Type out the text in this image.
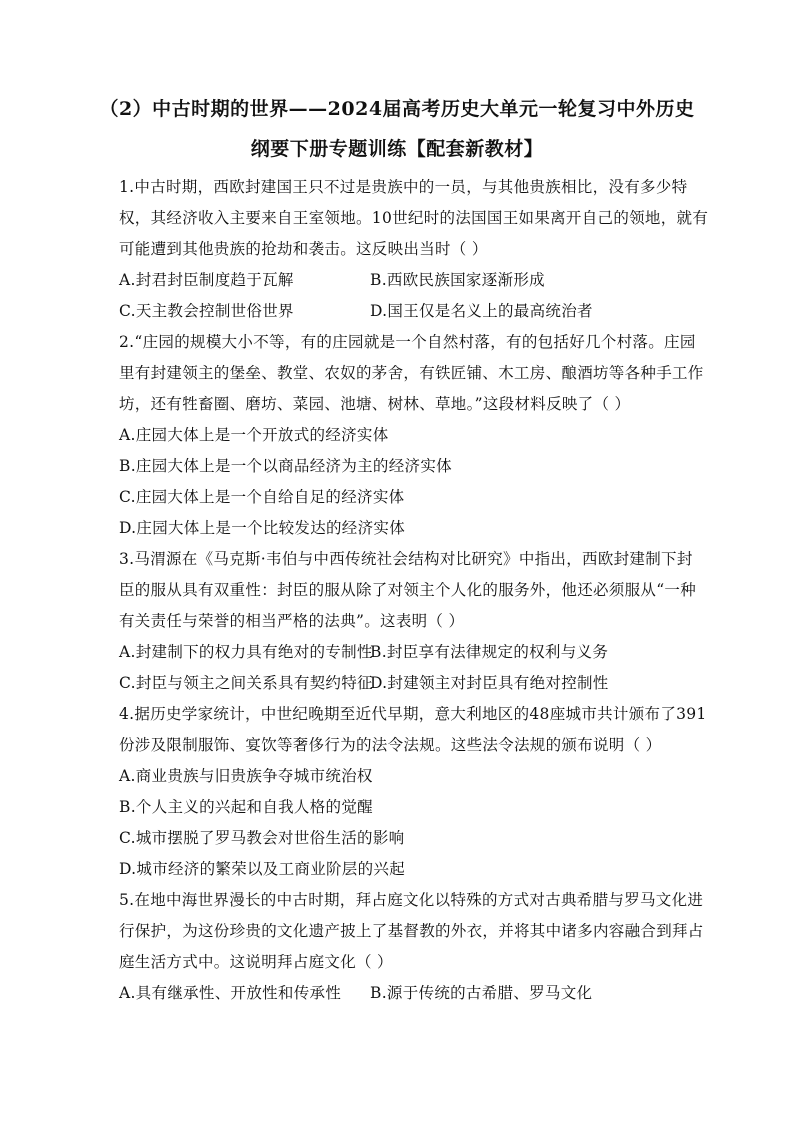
（2）中古时期的世界——2024届高考历史大单元一轮复习中外历史
纲要下册专题训练【配套新教材】
1.中古时期，西欧封建国王只不过是贵族中的一员，与其他贵族相比，没有多少特
权，其经济收入主要来自王室领地。10世纪时的法国国王如果离开自己的领地，就有
可能遭到其他贵族的抢劫和袭击。这反映出当时（ ）
A.封君封臣制度趋于瓦解	B.西欧民族国家逐渐形成
C.天主教会控制世俗世界	D.国王仅是名义上的最高统治者
2.“庄园的规模大小不等，有的庄园就是一个自然村落，有的包括好几个村落。庄园
里有封建领主的堡垒、教堂、农奴的茅舍，有铁匠铺、木工房、酿酒坊等各种手工作
坊，还有牲畜圈、磨坊、菜园、池塘、树林、草地。”这段材料反映了（ ）
A.庄园大体上是一个开放式的经济实体
B.庄园大体上是一个以商品经济为主的经济实体
C.庄园大体上是一个自给自足的经济实体
D.庄园大体上是一个比较发达的经济实体
3.马渭源在《马克斯·韦伯与中西传统社会结构对比研究》中指出，西欧封建制下封
臣的服从具有双重性：封臣的服从除了对领主个人化的服务外，他还必须服从“一种
有关责任与荣誉的相当严格的法典”。这表明（ ）
A.封建制下的权力具有绝对的专制性
B.封臣享有法律规定的权利与义务
C.封臣与领主之间关系具有契约特征
D.封建领主对封臣具有绝对控制性
4.据历史学家统计，中世纪晚期至近代早期，意大利地区的48座城市共计颁布了391
份涉及限制服饰、宴饮等奢侈行为的法令法规。这些法令法规的颁布说明（ ）
A.商业贵族与旧贵族争夺城市统治权
B.个人主义的兴起和自我人格的觉醒
C.城市摆脱了罗马教会对世俗生活的影响
D.城市经济的繁荣以及工商业阶层的兴起
5.在地中海世界漫长的中古时期，拜占庭文化以特殊的方式对古典希腊与罗马文化进
行保护，为这份珍贵的文化遗产披上了基督教的外衣，并将其中诸多内容融合到拜占
庭生活方式中。这说明拜占庭文化（ ）
A.具有继承性、开放性和传承性 B.源于传统的古希腊、罗马文化
